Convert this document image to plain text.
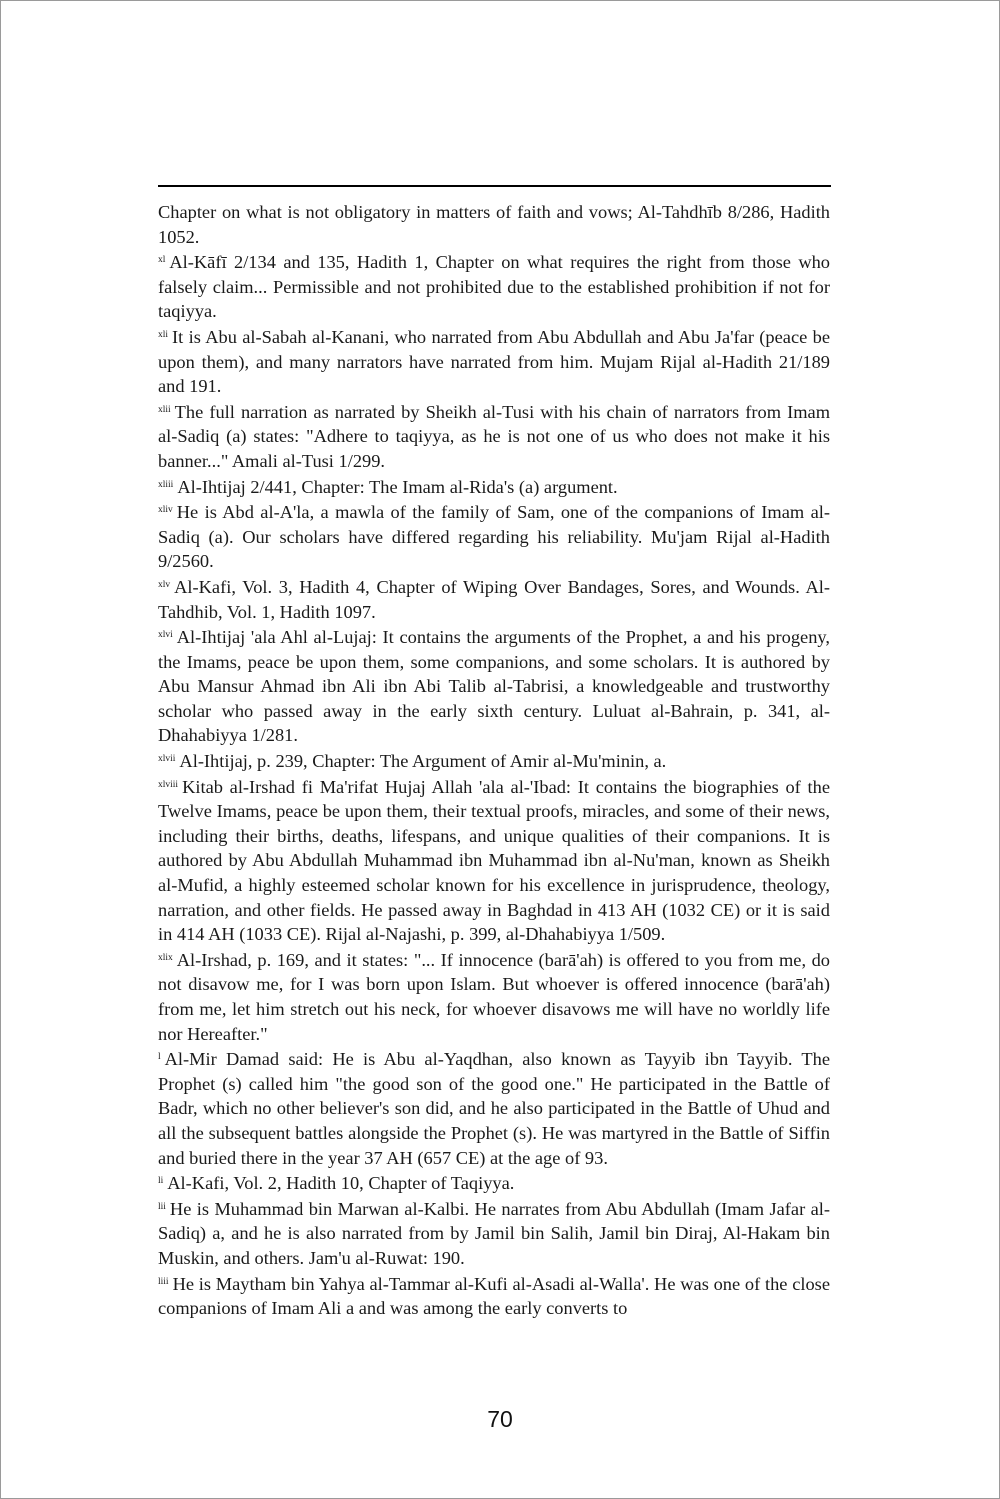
Chapter on what is not obligatory in matters of faith and vows; Al-Tahdhīb 8/286, Hadith 1052.

$^{xl}$ Al-Kāfī 2/134 and 135, Hadith 1, Chapter on what requires the right from those who falsely claim... Permissible and not prohibited due to the established prohibition if not for taqiyya.

$^{xli}$ It is Abu al-Sabah al-Kanani, who narrated from Abu Abdullah and Abu Ja'far (peace be upon them), and many narrators have narrated from him. Mujam Rijal al-Hadith 21/189 and 191.

$^{xlii}$ The full narration as narrated by Sheikh al-Tusi with his chain of narrators from Imam al-Sadiq (a) states: "Adhere to taqiyya, as he is not one of us who does not make it his banner..." Amali al-Tusi 1/299.

$^{xliii}$ Al-Ihtijaj 2/441, Chapter: The Imam al-Rida's (a) argument.

$^{xliv}$ He is Abd al-A'la, a mawla of the family of Sam, one of the companions of Imam al-Sadiq (a). Our scholars have differed regarding his reliability. Mu'jam Rijal al-Hadith 9/2560.

$^{xlv}$ Al-Kafi, Vol. 3, Hadith 4, Chapter of Wiping Over Bandages, Sores, and Wounds. Al-Tahdhib, Vol. 1, Hadith 1097.

$^{xlvi}$ Al-Ihtijaj 'ala Ahl al-Lujaj: It contains the arguments of the Prophet, a and his progeny, the Imams, peace be upon them, some companions, and some scholars. It is authored by Abu Mansur Ahmad ibn Ali ibn Abi Talib al-Tabrisi, a knowledgeable and trustworthy scholar who passed away in the early sixth century. Luluat al-Bahrain, p. 341, al-Dhahabiyya 1/281.

$^{xlvii}$ Al-Ihtijaj, p. 239, Chapter: The Argument of Amir al-Mu'minin, a.

$^{xlviii}$ Kitab al-Irshad fi Ma'rifat Hujaj Allah 'ala al-'Ibad: It contains the biographies of the Twelve Imams, peace be upon them, their textual proofs, miracles, and some of their news, including their births, deaths, lifespans, and unique qualities of their companions. It is authored by Abu Abdullah Muhammad ibn Muhammad ibn al-Nu'man, known as Sheikh al-Mufid, a highly esteemed scholar known for his excellence in jurisprudence, theology, narration, and other fields. He passed away in Baghdad in 413 AH (1032 CE) or it is said in 414 AH (1033 CE). Rijal al-Najashi, p. 399, al-Dhahabiyya 1/509.

$^{xlix}$ Al-Irshad, p. 169, and it states: "... If innocence (barā'ah) is offered to you from me, do not disavow me, for I was born upon Islam. But whoever is offered innocence (barā'ah) from me, let him stretch out his neck, for whoever disavows me will have no worldly life nor Hereafter."

$^l$ Al-Mir Damad said: He is Abu al-Yaqdhan, also known as Tayyib ibn Tayyib. The Prophet (s) called him "the good son of the good one." He participated in the Battle of Badr, which no other believer's son did, and he also participated in the Battle of Uhud and all the subsequent battles alongside the Prophet (s). He was martyred in the Battle of Siffin and buried there in the year 37 AH (657 CE) at the age of 93.

$^{li}$ Al-Kafi, Vol. 2, Hadith 10, Chapter of Taqiyya.

$^{lii}$ He is Muhammad bin Marwan al-Kalbi. He narrates from Abu Abdullah (Imam Jafar al-Sadiq) a, and he is also narrated from by Jamil bin Salih, Jamil bin Diraj, Al-Hakam bin Muskin, and others. Jam'u al-Ruwat: 190.

$^{liii}$ He is Maytham bin Yahya al-Tammar al-Kufi al-Asadi al-Walla'. He was one of the close companions of Imam Ali a and was among the early converts to

70
